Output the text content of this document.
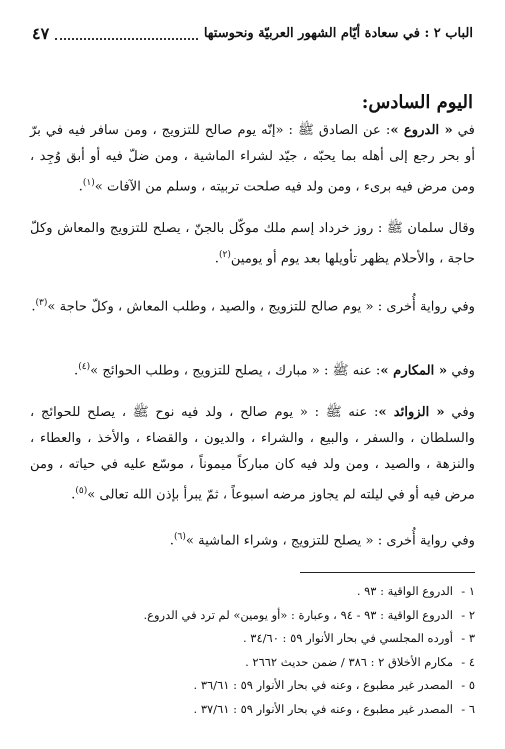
الباب ٢ : في سعادة أيّام الشهور العربيّة ونحوستها
٤٧
اليوم السادس:

في « الدروع »: عن الصادق ﷺ : «إنّه يوم صالح للتزويج ، ومن سافر فيه في برّ أو بحر رجع إلى أهله بما يحبّه ، جيّد لشراء الماشية ، ومن ضلّ فيه أو أبق وُجِد ، ومن مرض فيه برىء ، ومن ولد فيه صلحت تربيته ، وسلم من الآفات »$^{(١)}$.

وقال سلمان ﷺ : روز خرداد إسم ملك موكّل بالجنّ ، يصلح للتزويج والمعاش وكلّ حاجة ، والأحلام يظهر تأويلها بعد يوم أو يومين$^{(٢)}$.

وفي رواية أُخرى : « يوم صالح للتزويج ، والصيد ، وطلب المعاش ، وكلّ حاجة »$^{(٣)}$.

وفي « المكارم »: عنه ﷺ : « مبارك ، يصلح للتزويج ، وطلب الحوائج »$^{(٤)}$.

وفي « الزوائد »: عنه ﷺ : « يوم صالح ، ولد فيه نوح ﷺ ، يصلح للحوائج ، والسلطان ، والسفر ، والبيع ، والشراء ، والديون ، والقضاء ، والأخذ ، والعطاء ، والنزهة ، والصيد ، ومن ولد فيه كان مباركاً ميموناً ، موسّع عليه في حياته ، ومن مرض فيه أو في ليلته لم يجاوز مرضه اسبوعاً ، ثمّ يبرأ بإذن الله تعالى »$^{(٥)}$.

وفي رواية أُخرى : « يصلح للتزويج ، وشراء الماشية »$^{(٦)}$.

١ -
الدروع الواقية : ٩٣ .
٢ -
الدروع الواقية : ٩٣ - ٩٤ ، وعبارة : «أو يومين» لم ترد في الدروع.
٣ -
أورده المجلسي في بحار الأنوار ٥٩ : ٣٤/٦٠ .
٤ -
مكارم الأخلاق ٢ : ٣٨٦ / ضمن حديث ٢٦٦٢ .
٥ -
المصدر غير مطبوع ، وعنه في بحار الأنوار ٥٩ : ٣٦/٦١ .
٦ -
المصدر غير مطبوع ، وعنه في بحار الأنوار ٥٩ : ٣٧/٦١ .
